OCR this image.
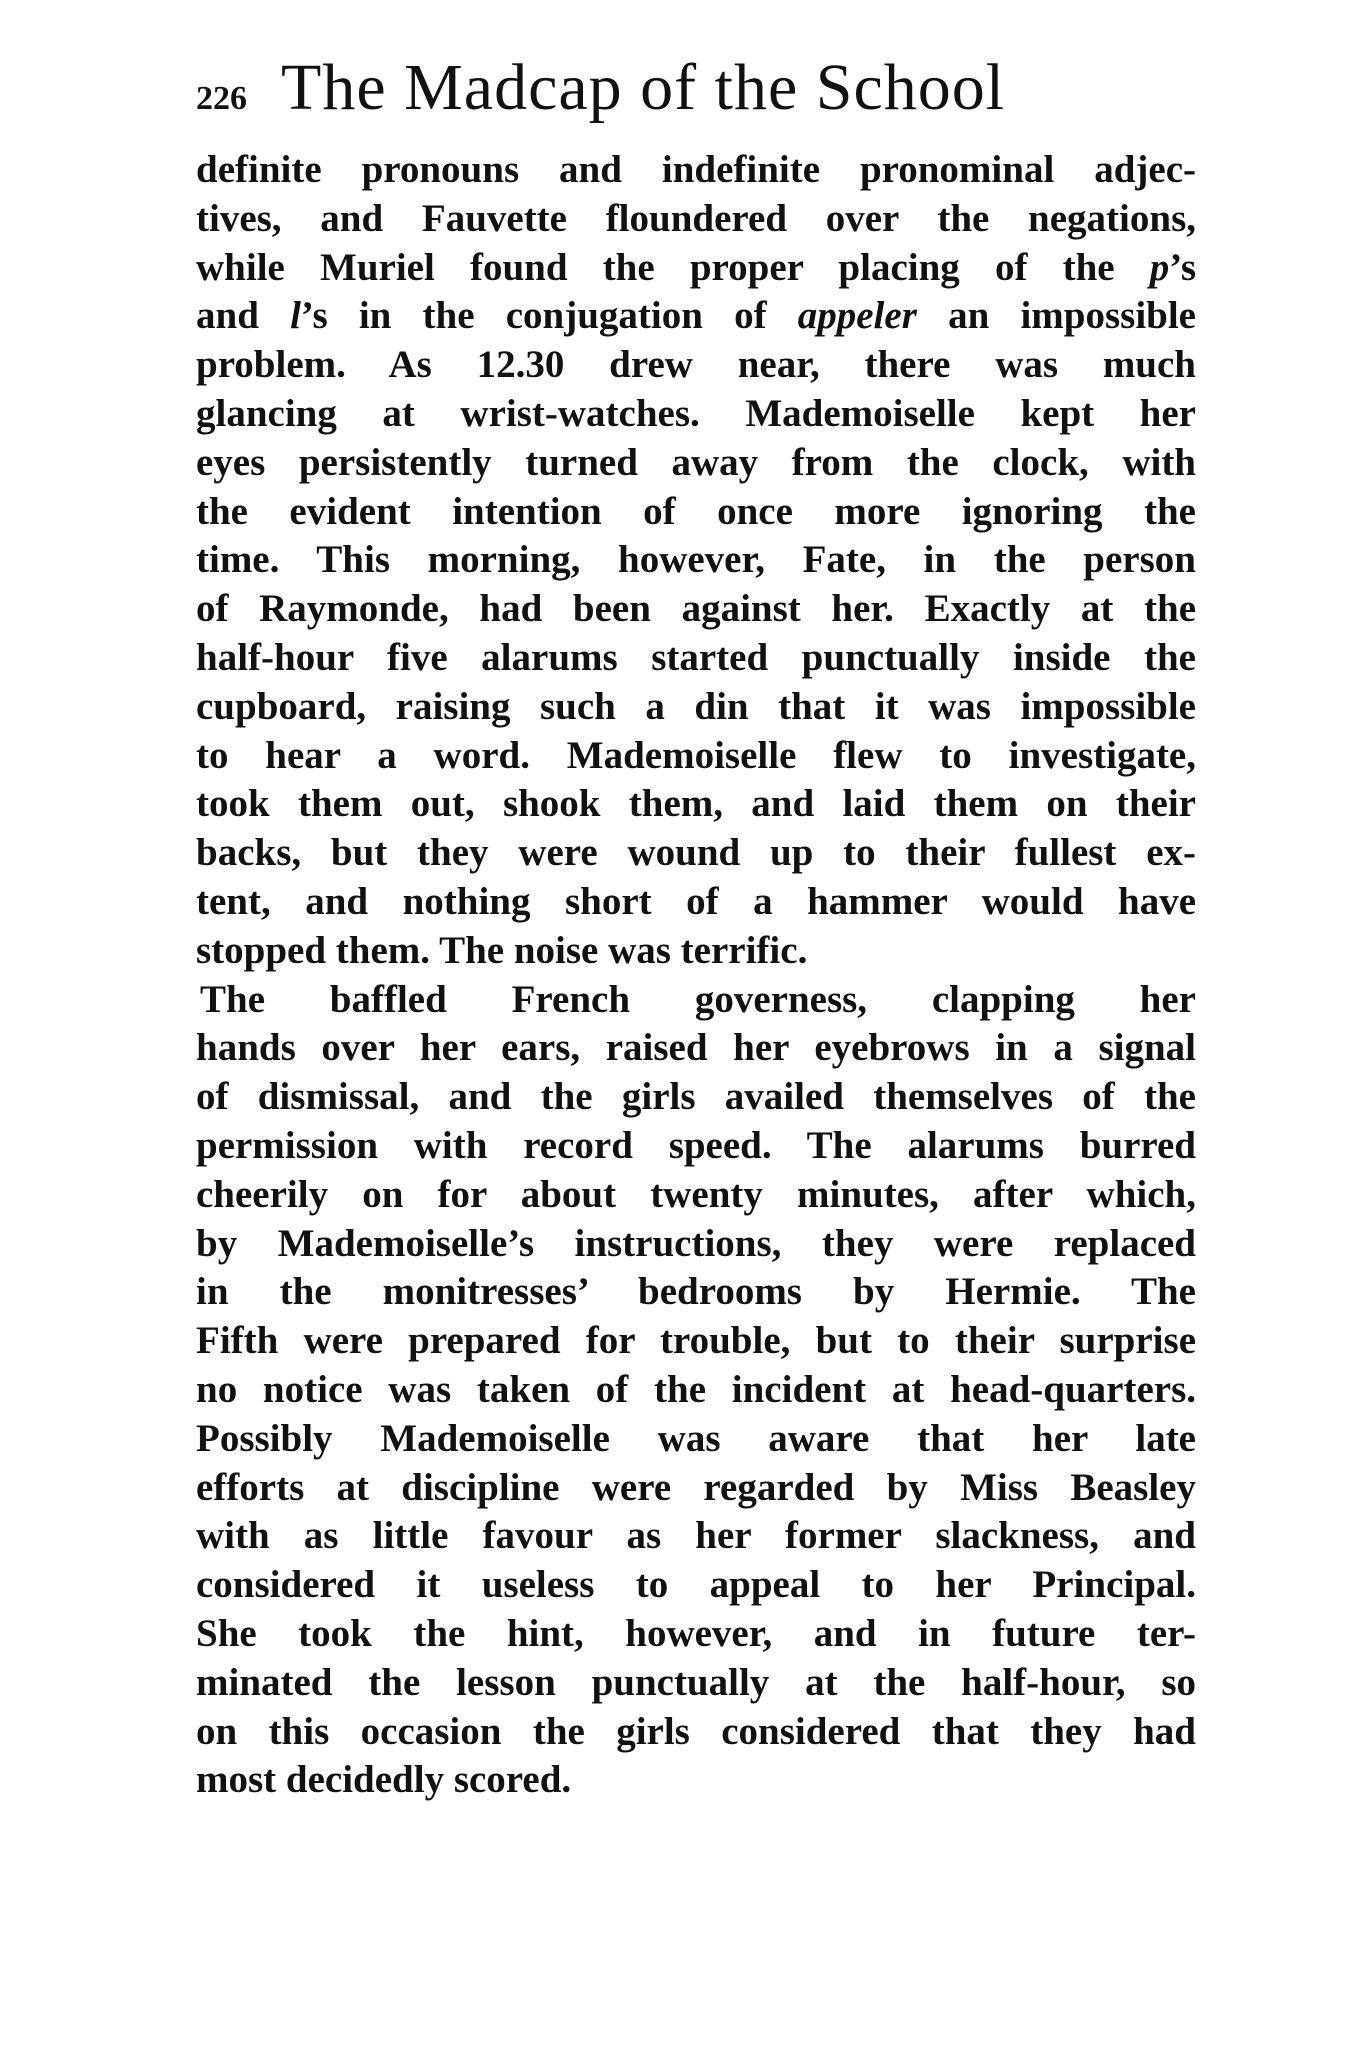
226 The Madcap of the School
definite pronouns and indefinite pronominal adjec-
tives, and Fauvette floundered over the negations,
while Muriel found the proper placing of the p’s
and l’s in the conjugation of appeler an impossible
problem. As 12.30 drew near, there was much
glancing at wrist-watches. Mademoiselle kept her
eyes persistently turned away from the clock, with
the evident intention of once more ignoring the
time. This morning, however, Fate, in the person
of Raymonde, had been against her. Exactly at the
half-hour five alarums started punctually inside the
cupboard, raising such a din that it was impossible
to hear a word. Mademoiselle flew to investigate,
took them out, shook them, and laid them on their
backs, but they were wound up to their fullest ex-
tent, and nothing short of a hammer would have
stopped them. The noise was terrific.
The baffled French governess, clapping her
hands over her ears, raised her eyebrows in a signal
of dismissal, and the girls availed themselves of the
permission with record speed. The alarums burred
cheerily on for about twenty minutes, after which,
by Mademoiselle’s instructions, they were replaced
in the monitresses’ bedrooms by Hermie. The
Fifth were prepared for trouble, but to their surprise
no notice was taken of the incident at head-quarters.
Possibly Mademoiselle was aware that her late
efforts at discipline were regarded by Miss Beasley
with as little favour as her former slackness, and
considered it useless to appeal to her Principal.
She took the hint, however, and in future ter-
minated the lesson punctually at the half-hour, so
on this occasion the girls considered that they had
most decidedly scored.
